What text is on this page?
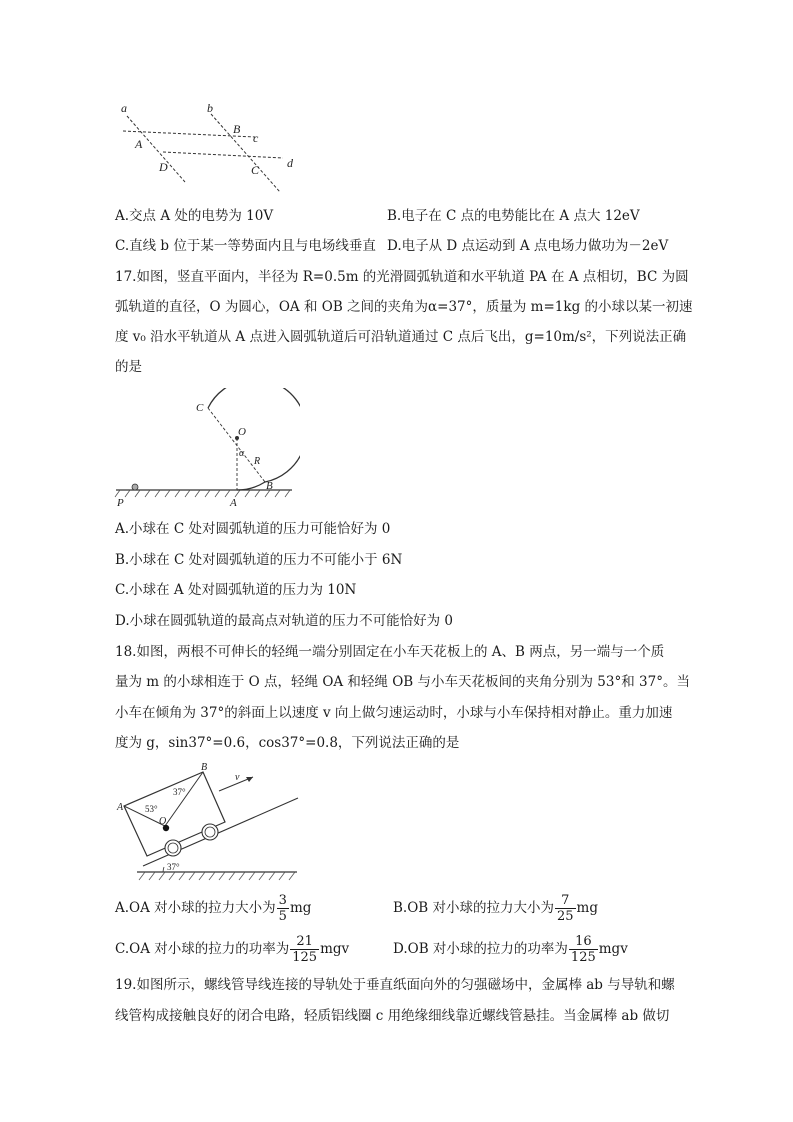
a	b
B
c
A
D	C d
A.交点 A 处的电势为 10V	B.电子在 C 点的电势能比在 A 点大 12eV
C.直线 b 位于某一等势面内且与电场线垂直 D.电子从 D 点运动到 A 点电场力做功为－2eV
17.如图，竖直平面内，半径为 R=0.5m 的光滑圆弧轨道和水平轨道 PA 在 A 点相切，BC 为圆
弧轨道的直径，O 为圆心，OA 和 OB 之间的夹角为α=37°，质量为 m=1kg 的小球以某一初速
度 v₀ 沿水平轨道从 A 点进入圆弧轨道后可沿轨道通过 C 点后飞出，g=10m/s²，下列说法正确
的是
C
O
α
R
B
P	A
A.小球在 C 处对圆弧轨道的压力可能恰好为 0
B.小球在 C 处对圆弧轨道的压力不可能小于 6N
C.小球在 A 处对圆弧轨道的压力为 10N
D.小球在圆弧轨道的最高点对轨道的压力不可能恰好为 0
18.如图，两根不可伸长的轻绳一端分别固定在小车天花板上的 A、B 两点，另一端与一个质
量为 m 的小球相连于 O 点，轻绳 OA 和轻绳 OB 与小车天花板间的夹角分别为 53°和 37°。当
小车在倾角为 37°的斜面上以速度 v 向上做匀速运动时，小球与小车保持相对静止。重力加速
度为 g，sin37°=0.6，cos37°=0.8，下列说法正确的是
B
v
A 53°
37°
O
37°
A.OA 对小球的拉力大小为 $\frac{3}{5}$ mg	B.OB 对小球的拉力大小为 $\frac{7}{25}$ mg
C.OA 对小球的拉力的功率为 $\frac{21}{125}$ mgv	D.OB 对小球的拉力的功率为 $\frac{16}{125}$ mgv
19.如图所示，螺线管导线连接的导轨处于垂直纸面向外的匀强磁场中，金属棒 ab 与导轨和螺
线管构成接触良好的闭合电路，轻质铝线圈 c 用绝缘细线靠近螺线管悬挂。当金属棒 ab 做切
